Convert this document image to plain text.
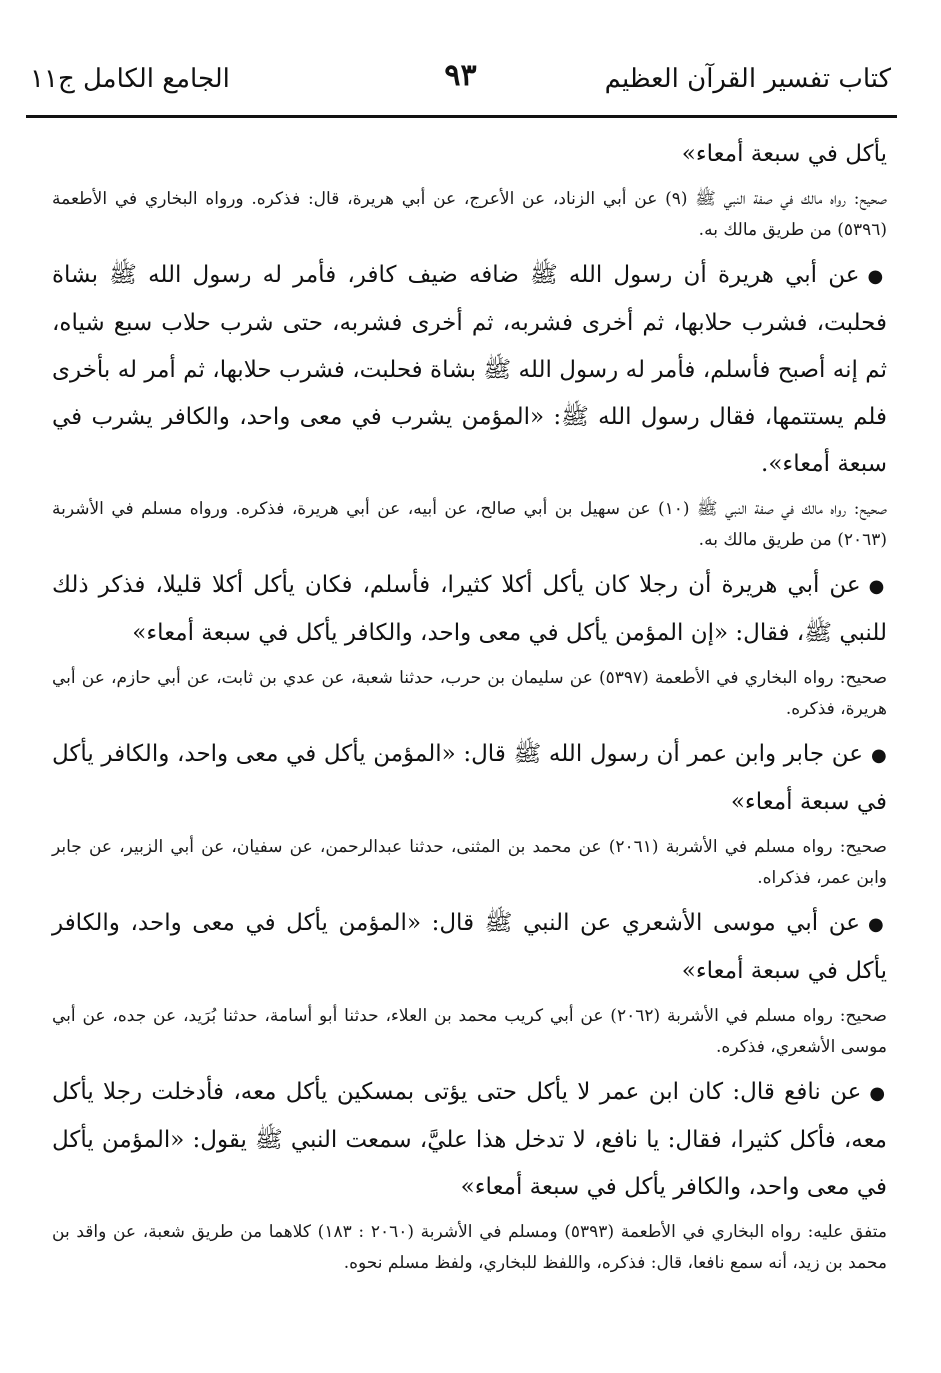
كتاب تفسير القرآن العظيم
٩٣
الجامع الكامل ج١١

يأكل في سبعة أمعاء»

صحيح: رواه مالك في صفة النبي ﷺ (٩) عن أبي الزناد، عن الأعرج، عن أبي هريرة، قال: فذكره. ورواه البخاري في الأطعمة (٥٣٩٦) من طريق مالك به.

●عن أبي هريرة أن رسول الله ﷺ ضافه ضيف كافر، فأمر له رسول الله ﷺ بشاة فحلبت، فشرب حلابها، ثم أخرى فشربه، ثم أخرى فشربه، حتى شرب حلاب سبع شياه، ثم إنه أصبح فأسلم، فأمر له رسول الله ﷺ بشاة فحلبت، فشرب حلابها، ثم أمر له بأخرى فلم يستتمها، فقال رسول الله ﷺ: «المؤمن يشرب في معى واحد، والكافر يشرب في سبعة أمعاء».

صحيح: رواه مالك في صفة النبي ﷺ (١٠) عن سهيل بن أبي صالح، عن أبيه، عن أبي هريرة، فذكره. ورواه مسلم في الأشربة (٢٠٦٣) من طريق مالك به.

●عن أبي هريرة أن رجلا كان يأكل أكلا كثيرا، فأسلم، فكان يأكل أكلا قليلا، فذكر ذلك للنبي ﷺ، فقال: «إن المؤمن يأكل في معى واحد، والكافر يأكل في سبعة أمعاء»

صحيح: رواه البخاري في الأطعمة (٥٣٩٧) عن سليمان بن حرب، حدثنا شعبة، عن عدي بن ثابت، عن أبي حازم، عن أبي هريرة، فذكره.

●عن جابر وابن عمر أن رسول الله ﷺ قال: «المؤمن يأكل في معى واحد، والكافر يأكل في سبعة أمعاء»

صحيح: رواه مسلم في الأشربة (٢٠٦١) عن محمد بن المثنى، حدثنا عبدالرحمن، عن سفيان، عن أبي الزبير، عن جابر وابن عمر، فذكراه.

●عن أبي موسى الأشعري عن النبي ﷺ قال: «المؤمن يأكل في معى واحد، والكافر يأكل في سبعة أمعاء»

صحيح: رواه مسلم في الأشربة (٢٠٦٢) عن أبي كريب محمد بن العلاء، حدثنا أبو أسامة، حدثنا بُرَيد، عن جده، عن أبي موسى الأشعري، فذكره.

●عن نافع قال: كان ابن عمر لا يأكل حتى يؤتى بمسكين يأكل معه، فأدخلت رجلا يأكل معه، فأكل كثيرا، فقال: يا نافع، لا تدخل هذا عليَّ، سمعت النبي ﷺ يقول: «المؤمن يأكل في معى واحد، والكافر يأكل في سبعة أمعاء»

متفق عليه: رواه البخاري في الأطعمة (٥٣٩٣) ومسلم في الأشربة (٢٠٦٠ : ١٨٣) كلاهما من طريق شعبة، عن واقد بن محمد بن زيد، أنه سمع نافعا، قال: فذكره، واللفظ للبخاري، ولفظ مسلم نحوه.
